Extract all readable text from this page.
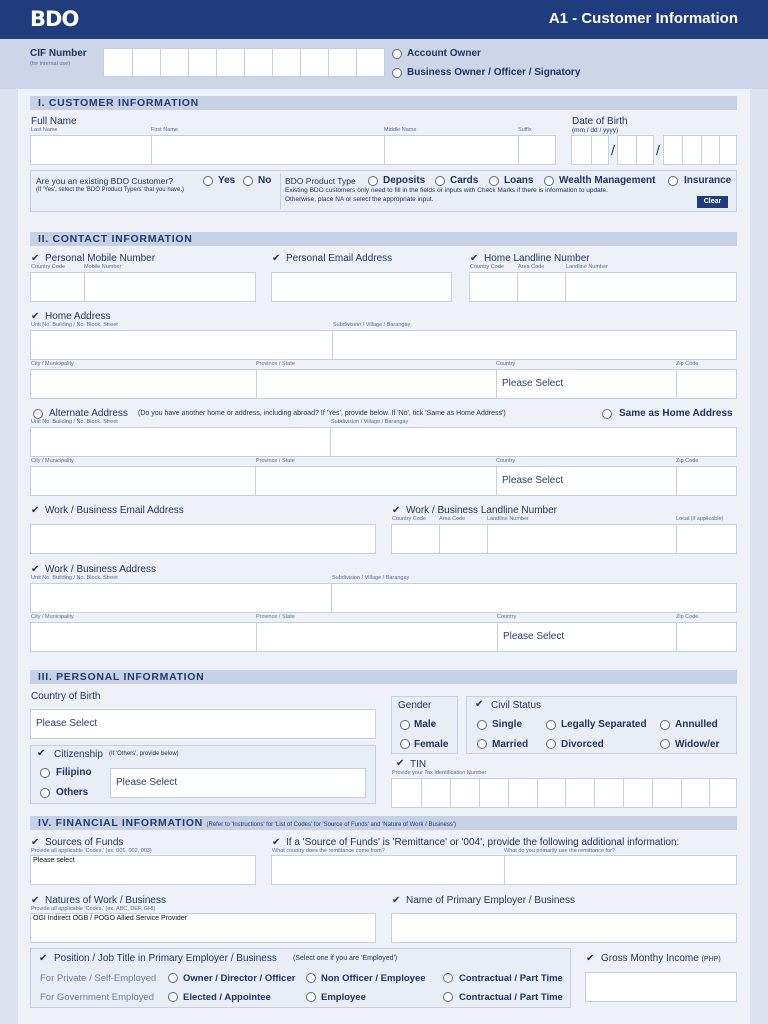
BDO	A1 - Customer Information
CIF Number
(for internal use)
Account Owner
Business Owner / Officer / Signatory
I. CUSTOMER INFORMATION
Full Name
Last Name	First Name	Middle Name	Suffix
Date of Birth
(mm / dd / yyyy)
/	/
Are you an existing BDO Customer?
(If 'Yes', select the 'BDO Product Type/s' that you have.)
Yes No BDO Product Type	Deposits Cards	Loans	Wealth Management	Insurance
Existing BDO customers only need to fill in the fields or inputs with Check Marks if there is information to update.
Otherwise, place NA or select the appropriate input.	Clear
II. CONTACT INFORMATION
✔ Personal Mobile Number
Country Code	Mobile Number
✔ Personal Email Address	✔ Home Landline Number
Country Code	Area Code	Landline Number
✔ Home Address
Unit No. Building / No. Block. Street	Subdivision / Village / Barangay
City / Municipality	Province / State	Country	Zip Code
Please Select
Alternate Address (Do you have another home or address, including abroad? If 'Yes', provide below. If 'No', tick 'Same as Home Address')	Same as Home Address
Unit No. Building / No. Block. Street	Subdivision / Village / Barangay
City / Municipality	Province / State	Country	Zip Code
Please Select
✔ Work / Business Email Address	✔ Work / Business Landline Number
Country Code Area Code	Landline Number	Local (if applicable)
✔ Work / Business Address
Unit No. Building / No. Block. Street	Subdivision / Village / Barangay
City / Municipality	Province / State	Country	Zip Code
Please Select
III. PERSONAL INFORMATION
Country of Birth
Please Select
✔ Citizenship (If 'Others', provide below)
Filipino
Others
Please Select
Gender
Male
Female
✔ Civil Status
Single	Legally Separated	Annulled
Married	Divorced	Widow/er
✔ TIN
Provide your Tax Identification Number
IV. FINANCIAL INFORMATION (Refer to 'Instructions' for 'List of Codes' for 'Source of Funds' and 'Nature of Work / Business')
✔ Sources of Funds
Provide all applicable 'Codes.' (ex. 001, 002, 003)
Please select
✔ If a 'Source of Funds' is 'Remittance' or '004', provide the following additional information:
What country does the remittance come from?	What do you primarily use the remittance for?
✔ Natures of Work / Business
Provide all applicable 'Codes.' (ex. ABC, DEF, GHI)
OGI Indirect OGB / POGO Allied Service Provider
✔ Name of Primary Employer / Business
✔ Position / Job Title in Primary Employer / Business (Select one if you are 'Employed')
For Private / Self-Employed	Owner / Director / Officer	Non Officer / Employee	Contractual / Part Time
For Government Employed	Elected / Appointee	Employee	Contractual / Part Time
✔ Gross Monthy Income (PHP)
